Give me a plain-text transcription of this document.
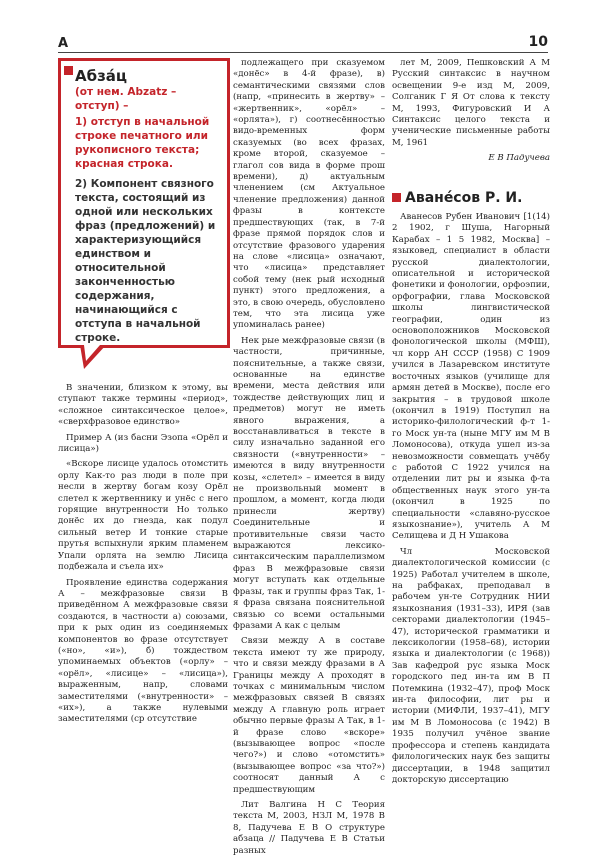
А	10
Абзáц
(от нем. Abzatz – отступ) –
1) отступ в начальной строке печатного или рукописного текста; красная строка.
2) Компонент связного текста, состоящий из одной или нескольких фраз (предложений) и характеризующийся единством и относительной законченностью содержания, начинающийся с отступа в начальной строке.

В значении, близком к этому, вы ступают также термины «период», «сложное синтаксическое целое», «сверхфразовое единство»

Пример А (из басни Эзопа «Орёл и лисица»)

«Вскоре лисице удалось отомстить орлу Как-то раз люди в поле при несли в жертву богам козу Орёл слетел к жертвеннику и унёс с него горящие внутренности Но только донёс их до гнезда, как подул сильный ветер И тонкие старые прутья вспыхнули ярким пламенем Упали орлята на землю Лисица подбежала и съела их»

Проявление единства содержания А – межфразовые связи В приведённом А межфразовые связи создаются, в частности а) союзами, при к рых один из соединяемых компонентов во фразе отсутствует («но», «и»), б) тождеством упоминаемых объектов («орлу» – «орёл», «лисице» – «лисица»), выраженным, напр, словами заместителями («внутренности» – «их»), а также нулевыми заместителями (ср отсутствие

подлежащего при сказуемом «донёс» в 4-й фразе), в) семантическими связями слов (напр, «принесить в жертву» – «жертвенник», «орёл» – «орлята»), г) соотнесённостью видо-временных форм сказуемых (во всех фразах, кроме второй, сказуемое – глагол сов вида в форме прош времени), д) актуальным членением (см Актуальное членение предложения) данной фразы в контексте предшествующих (так, в 7-й фразе прямой порядок слов и отсутствие фразового ударения на слове «лисица» означают, что «лисица» представляет собой тему (нек рый исходный пункт) этого предложения, а это, в свою очередь, обусловлено тем, что эта лисица уже упоминалась ранее)

Нек рые межфразовые связи (в частности, причинные, пояснительные, а также связи, основанные на единстве времени, места действия или тождестве действующих лиц и предметов) могут не иметь явного выражения, а восстанавливаться в тексте в силу изначально заданной его связности («внутренности» – имеются в виду внутренности козы, «слетел» – имеется в виду не произвольный момент в прошлом, а момент, когда люди принесли жертву) Соединительные и противительные связи часто выражаются лексико-синтаксическим параллелизмом фраз В межфразовые связи могут вступать как отдельные фразы, так и группы фраз Так, 1-я фраза связана пояснительной связью со всеми остальными фразами А как с целым

Связи между А в составе текста имеют ту же природу, что и связи между фразами в А Границы между А проходят в точках с минимальным числом межфразовых связей В связях между А главную роль играет обычно первые фразы А Так, в 1-й фразе слово «вскоре» (вызывающее вопрос «после чего?») и слово «отомстить» (вызывающее вопрос «за что?») соотносят данный А с предшествующим

Лит Валгина Н С Теория текста М, 2003, НЗЛ М, 1978 В 8, Падучева Е В О структуре абзаца // Падучева Е В Статьи разных

лет М, 2009, Пешковский А М Русский синтаксис в научном освещении 9-е изд М, 2009, Солганик Г Я От слова к тексту М, 1993, Фигуровский И А Синтаксис целого текста и ученические письменные работы М, 1961

Е В Падучева
Аванéсов Р. И.

Аванесов Рубен Иванович [1(14) 2 1902, г Шуша, Нагорный Карабах – 1 5 1982, Москва] – языковед, специалист в области русской диалектологии, описательной и исторической фонетики и фонологии, орфоэпии, орфографии, глава Московской школы лингвистической географии, один из основоположников Московской фонологической школы (МФШ), чл корр АН СССР (1958) С 1909 учился в Лазаревском институте восточных языков (училище для армян детей в Москве), после его закрытия – в трудовой школе (окончил в 1919) Поступил на историко-филологический ф-т 1-го Моск ун-та (ныне МГУ им М В Ломоносова), откуда ушел из-за невозможности совмещать учёбу с работой С 1922 учился на отделении лит ры и языка ф-та общественных наук этого ун-та (окончил в 1925 по специальности «славяно-русское языкознание»), учитель А М Селищева и Д Н Ушакова

Чл Московской диалектологической комиссии (с 1925) Работал учителем в школе, на рабфаках, преподавал в рабочем ун-те Сотрудник НИИ языкознания (1931–33), ИРЯ (зав секторами диалектологии (1945–47), исторической грамматики и лексикологии (1958–68), истории языка и диалектологии (с 1968)) Зав кафедрой рус языка Моск городского пед ин-та им В П Потемкина (1932–47), проф Моск ин-та философии, лит ры и истории (МИФЛИ, 1937–41), МГУ им М В Ломоносова (с 1942) В 1935 получил учёное звание профессора и степень кандидата филологических наук без защиты диссертации, в 1948 защитил докторскую диссертацию
